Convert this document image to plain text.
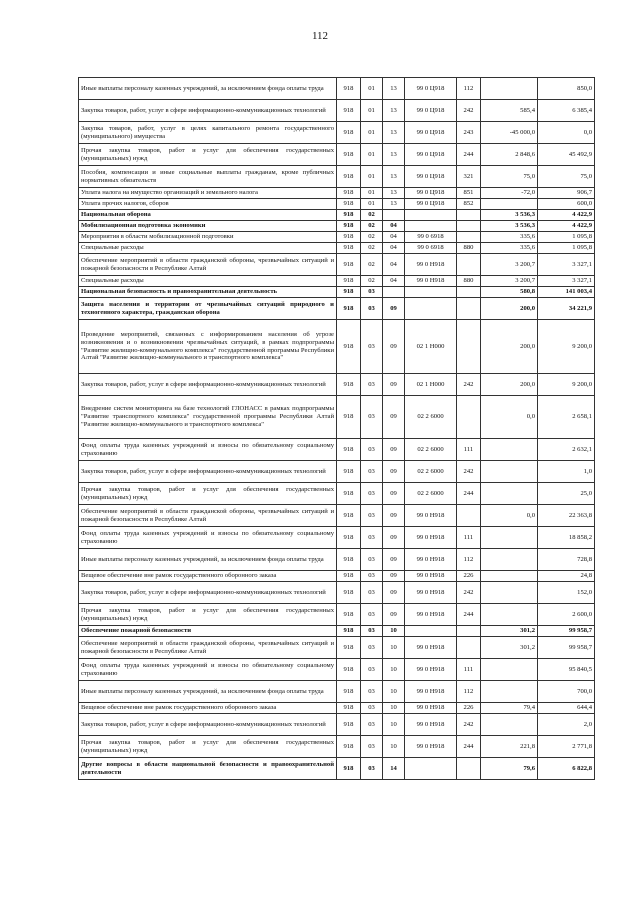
112
Иные выплаты персоналу казенных учреждений, за исключением фонда оплаты труда	918	01	13	99 0 Ц918	112		850,0
Закупка товаров, работ, услуг в сфере информационно-коммуникационных технологий	918	01	13	99 0 Ц918	242	585,4	6 385,4
Закупка товаров, работ, услуг в целях капитального ремонта государственного (муниципального) имущества	918	01	13	99 0 Ц918	243	-45 000,0	0,0
Прочая закупка товаров, работ и услуг для обеспечения государственных (муниципальных) нужд	918	01	13	99 0 Ц918	244	2 848,6	45 492,9
Пособия, компенсации и иные социальные выплаты гражданам, кроме публичных нормативных обязательств	918	01	13	99 0 Ц918	321	75,0	75,0
Уплата налога на имущество организаций и земельного налога	918	01	13	99 0 Ц918	851	-72,0	906,7
Уплата прочих налогов, сборов	918	01	13	99 0 Ц918	852		600,0
Национальная оборона	918	02				3 536,3	4 422,9
Мобилизационная подготовка экономики	918	02	04			3 536,3	4 422,9
Мероприятия в области мобилизационной подготовки	918	02	04	99 0 6918		335,6	1 095,8
Специальные расходы	918	02	04	99 0 6918	880	335,6	1 095,8
Обеспечение мероприятий в области гражданской обороны, чрезвычайных ситуаций и пожарной безопасности в Республике Алтай	918	02	04	99 0 Н918		3 200,7	3 327,1
Специальные расходы	918	02	04	99 0 Н918	880	3 200,7	3 327,1
Национальная безопасность и правоохранительная деятельность	918	03				580,8	141 003,4
Защита населения и территории от чрезвычайных ситуаций природного и техногенного характера, гражданская оборона	918	03	09			200,0	34 221,9
Проведение мероприятий, связанных с информированием населения об угрозе возникновения и о возникновении чрезвычайных ситуаций, в рамках подпрограммы "Развитие жилищно-коммунального комплекса" государственной программы Республики Алтай "Развитие жилищно-коммунального и транспортного комплекса"	918	03	09	02 1 Н000		200,0	9 200,0
Закупка товаров, работ, услуг в сфере информационно-коммуникационных технологий	918	03	09	02 1 Н000	242	200,0	9 200,0
Внедрение систем мониторинга на базе технологий ГЛОНАСС в рамках подпрограммы "Развитие транспортного комплекса" государственной программы Республики Алтай "Развитие жилищно-коммунального и транспортного комплекса"	918	03	09	02 2 6000		0,0	2 658,1
Фонд оплаты труда казенных учреждений и взносы по обязательному социальному страхованию	918	03	09	02 2 6000	111		2 632,1
Закупка товаров, работ, услуг в сфере информационно-коммуникационных технологий	918	03	09	02 2 6000	242		1,0
Прочая закупка товаров, работ и услуг для обеспечения государственных (муниципальных) нужд	918	03	09	02 2 6000	244		25,0
Обеспечение мероприятий в области гражданской обороны, чрезвычайных ситуаций и пожарной безопасности в Республике Алтай	918	03	09	99 0 Н918		0,0	22 363,8
Фонд оплаты труда казенных учреждений и взносы по обязательному социальному страхованию	918	03	09	99 0 Н918	111		18 858,2
Иные выплаты персоналу казенных учреждений, за исключением фонда оплаты труда	918	03	09	99 0 Н918	112		728,8
Вещевое обеспечение вне рамок государственного оборонного заказа	918	03	09	99 0 Н918	226		24,8
Закупка товаров, работ, услуг в сфере информационно-коммуникационных технологий	918	03	09	99 0 Н918	242		152,0
Прочая закупка товаров, работ и услуг для обеспечения государственных (муниципальных) нужд	918	03	09	99 0 Н918	244		2 600,0
Обеспечение пожарной безопасности	918	03	10			301,2	99 958,7
Обеспечение мероприятий в области гражданской обороны, чрезвычайных ситуаций и пожарной безопасности в Республике Алтай	918	03	10	99 0 Н918		301,2	99 958,7
Фонд оплаты труда казенных учреждений и взносы по обязательному социальному страхованию	918	03	10	99 0 Н918	111		95 840,5
Иные выплаты персоналу казенных учреждений, за исключением фонда оплаты труда	918	03	10	99 0 Н918	112		700,0
Вещевое обеспечение вне рамок государственного оборонного заказа	918	03	10	99 0 Н918	226	79,4	644,4
Закупка товаров, работ, услуг в сфере информационно-коммуникационных технологий	918	03	10	99 0 Н918	242		2,0
Прочая закупка товаров, работ и услуг для обеспечения государственных (муниципальных) нужд	918	03	10	99 0 Н918	244	221,8	2 771,8
Другие вопросы в области национальной безопасности и правоохранительной деятельности	918	03	14			79,6	6 822,8
